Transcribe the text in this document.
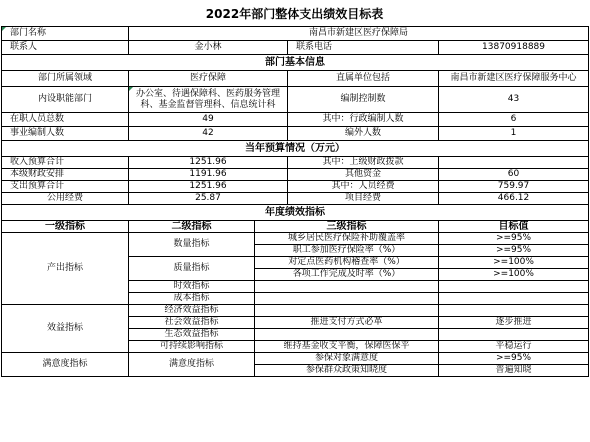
2022年部门整体支出绩效目标表
部门名称	南昌市新建区医疗保障局			
联系人	金小林		联系电话	13870918889
部门基本信息				
部门所属领域	医疗保障		直属单位包括	南昌市新建区医疗保障服务中心
内设职能部门	办公室、待遇保障科、医药服务管理
科、基金监督管理科、信息统计科		编制控制数	43
在职人员总数	49		其中：行政编制人数	6
事业编制人数	42		编外人数	1
当年预算情况（万元）				
收入预算合计	1251.96		其中：上级财政拨款	
本级财政安排	1191.96		其他资金	60
支出预算合计	1251.96		其中：人员经费	759.97
公用经费	25.87		项目经费	466.12
年度绩效指标				
一级指标	二级指标	三级指标		目标值
产出指标	数量指标	城乡居民医疗保险补助覆盖率		>=95%
		职工参加医疗保险率（%）		>=95%
	质量指标	对定点医药机构稽查率（%）		>=100%
		各项工作完成及时率（%）		>=100%
	时效指标			
	成本指标			
效益指标	经济效益指标			
	社会效益指标	推进支付方式必革		逐步推进

	生态效益指标			
	可持续影响指标	维持基金收支平衡，保障医保平		平稳运行
满意度指标	满意度指标	参保对象满意度		>=95%
		参保群众政策知晓度		普遍知晓
